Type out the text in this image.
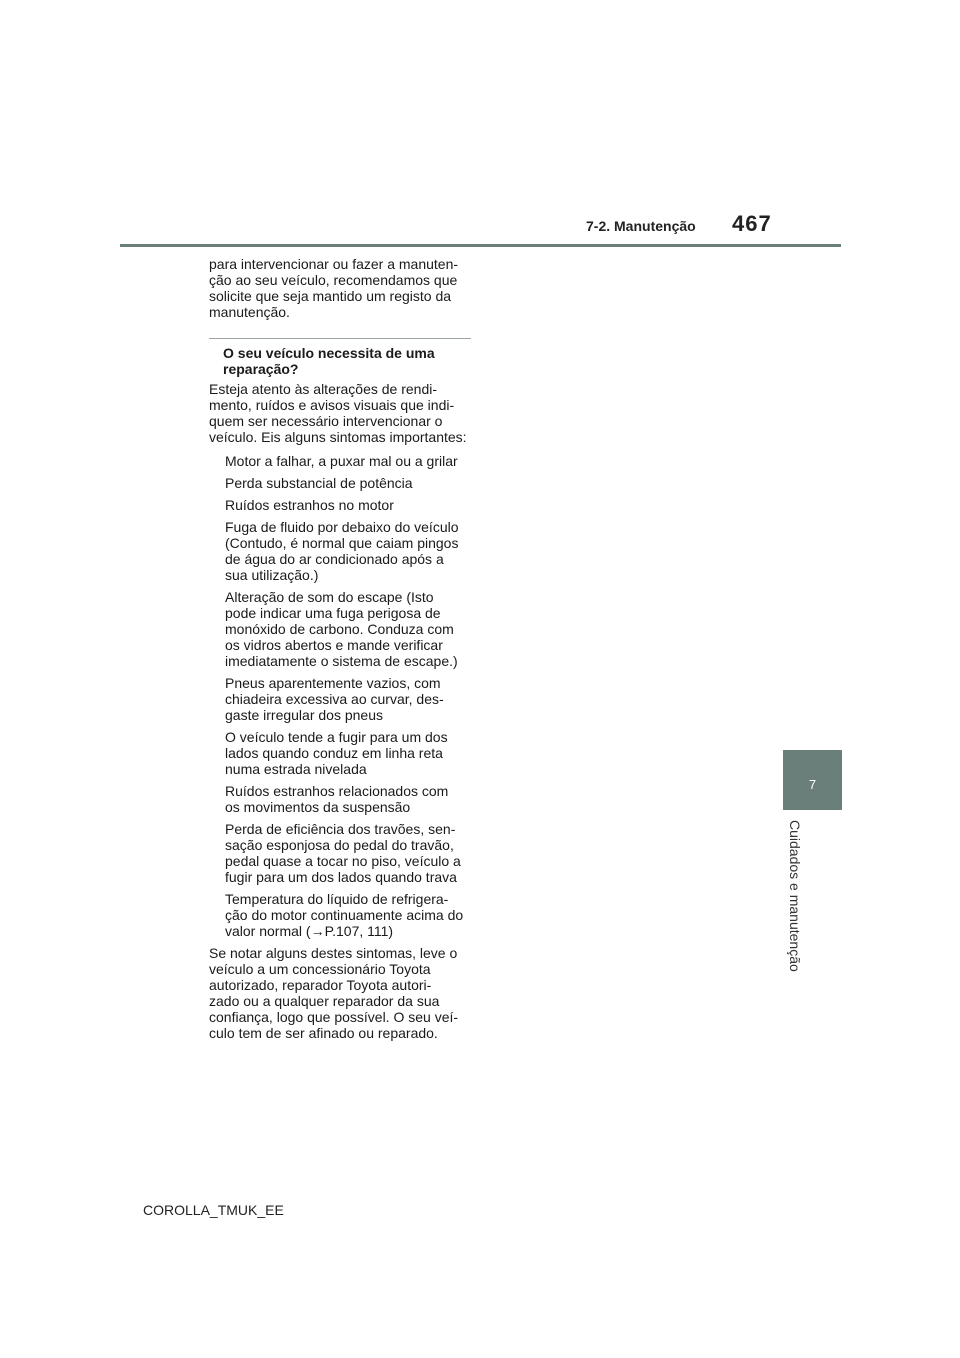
7-2. Manutenção 467
7
Cuidados e manutenção

para intervencionar ou fazer a manuten-
ção ao seu veículo, recomendamos que
solicite que seja mantido um registo da
manutenção.

O seu veículo necessita de uma
reparação?

Esteja atento às alterações de rendi-
mento, ruídos e avisos visuais que indi-
quem ser necessário intervencionar o
veículo. Eis alguns sintomas importantes:

Motor a falhar, a puxar mal ou a grilar

Perda substancial de potência

Ruídos estranhos no motor

Fuga de fluido por debaixo do veículo
(Contudo, é normal que caiam pingos
de água do ar condicionado após a
sua utilização.)

Alteração de som do escape (Isto
pode indicar uma fuga perigosa de
monóxido de carbono. Conduza com
os vidros abertos e mande verificar
imediatamente o sistema de escape.)

Pneus aparentemente vazios, com
chiadeira excessiva ao curvar, des-
gaste irregular dos pneus

O veículo tende a fugir para um dos
lados quando conduz em linha reta
numa estrada nivelada

Ruídos estranhos relacionados com
os movimentos da suspensão

Perda de eficiência dos travões, sen-
sação esponjosa do pedal do travão,
pedal quase a tocar no piso, veículo a
fugir para um dos lados quando trava

Temperatura do líquido de refrigera-
ção do motor continuamente acima do
valor normal (→P.107, 111)

Se notar alguns destes sintomas, leve o
veículo a um concessionário Toyota
autorizado, reparador Toyota autori-
zado ou a qualquer reparador da sua
confiança, logo que possível. O seu veí-
culo tem de ser afinado ou reparado.

COROLLA_TMUK_EE
